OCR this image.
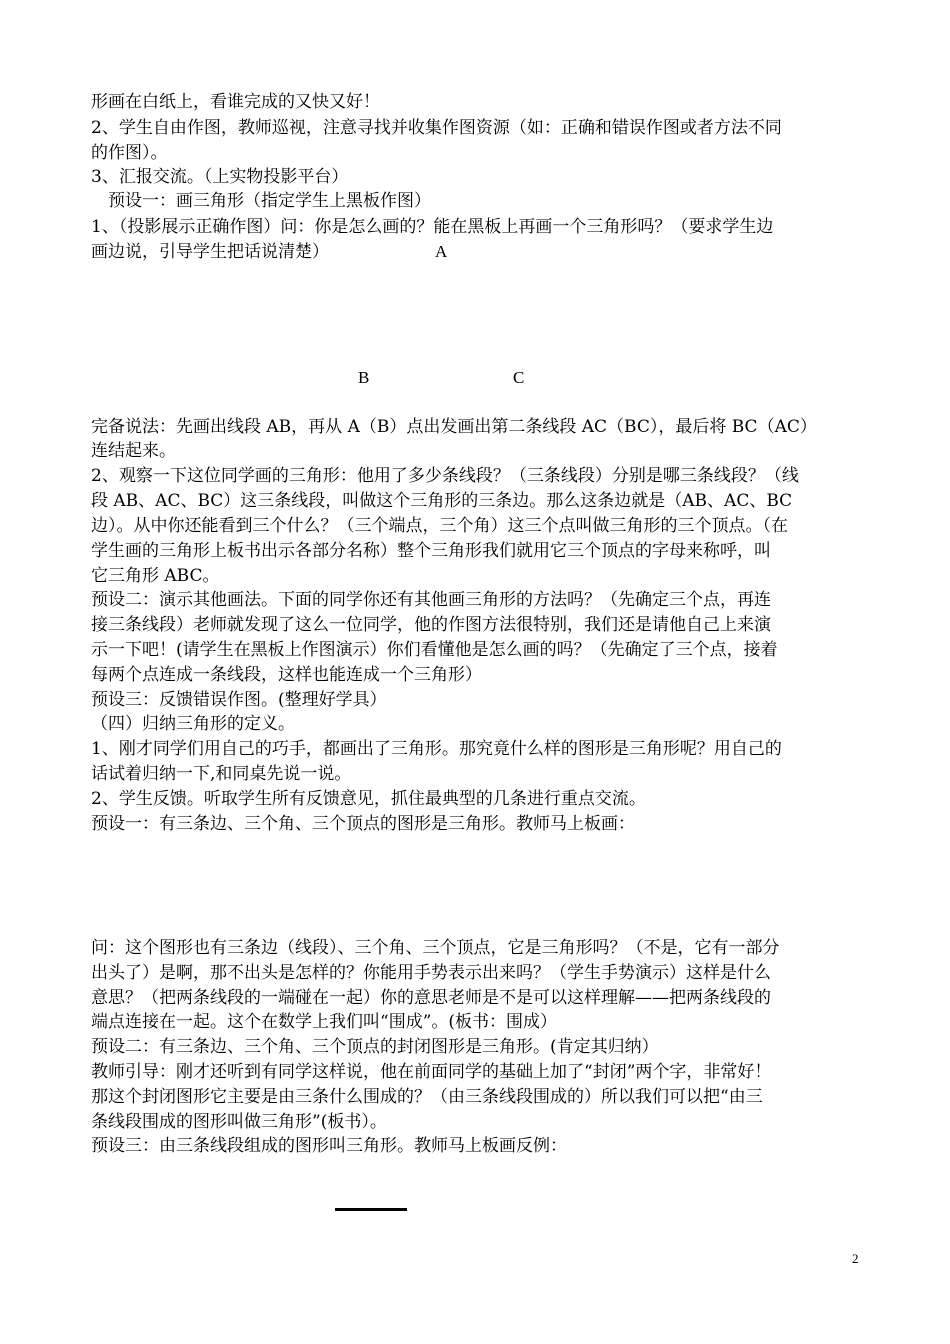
形画在白纸上，看谁完成的又快又好！
2、学生自由作图，教师巡视，注意寻找并收集作图资源（如：正确和错误作图或者方法不同
的作图）。
3、汇报交流。（上实物投影平台）
　预设一：画三角形（指定学生上黑板作图）
1、（投影展示正确作图）问：你是怎么画的？能在黑板上再画一个三角形吗？（要求学生边
画边说，引导学生把话说清楚）	A
B	C
完备说法：先画出线段 AB，再从 A（B）点出发画出第二条线段 AC（BC），最后将 BC（AC）
连结起来。
2、观察一下这位同学画的三角形：他用了多少条线段？（三条线段）分别是哪三条线段？（线
段 AB、AC、BC）这三条线段，叫做这个三角形的三条边。那么这条边就是（AB、AC、BC
边）。从中你还能看到三个什么？（三个端点，三个角）这三个点叫做三角形的三个顶点。（在
学生画的三角形上板书出示各部分名称）整个三角形我们就用它三个顶点的字母来称呼，叫
它三角形 ABC。
预设二：演示其他画法。下面的同学你还有其他画三角形的方法吗？（先确定三个点，再连
接三条线段）老师就发现了这么一位同学，他的作图方法很特别，我们还是请他自己上来演
示一下吧！(请学生在黑板上作图演示）你们看懂他是怎么画的吗？（先确定了三个点，接着
每两个点连成一条线段，这样也能连成一个三角形）
预设三：反馈错误作图。(整理好学具）
（四）归纳三角形的定义。
1、刚才同学们用自己的巧手，都画出了三角形。那究竟什么样的图形是三角形呢？用自己的
话试着归纳一下,和同桌先说一说。
2、学生反馈。听取学生所有反馈意见，抓住最典型的几条进行重点交流。
预设一：有三条边、三个角、三个顶点的图形是三角形。教师马上板画：
问：这个图形也有三条边（线段）、三个角、三个顶点，它是三角形吗？（不是，它有一部分
出头了）是啊，那不出头是怎样的？你能用手势表示出来吗？（学生手势演示）这样是什么
意思？（把两条线段的一端碰在一起）你的意思老师是不是可以这样理解——把两条线段的
端点连接在一起。这个在数学上我们叫“围成”。(板书：围成）
预设二：有三条边、三个角、三个顶点的封闭图形是三角形。(肯定其归纳）
教师引导：刚才还听到有同学这样说，他在前面同学的基础上加了“封闭”两个字，非常好！
那这个封闭图形它主要是由三条什么围成的？（由三条线段围成的）所以我们可以把“由三
条线段围成的图形叫做三角形”(板书）。
预设三：由三条线段组成的图形叫三角形。教师马上板画反例：
2
